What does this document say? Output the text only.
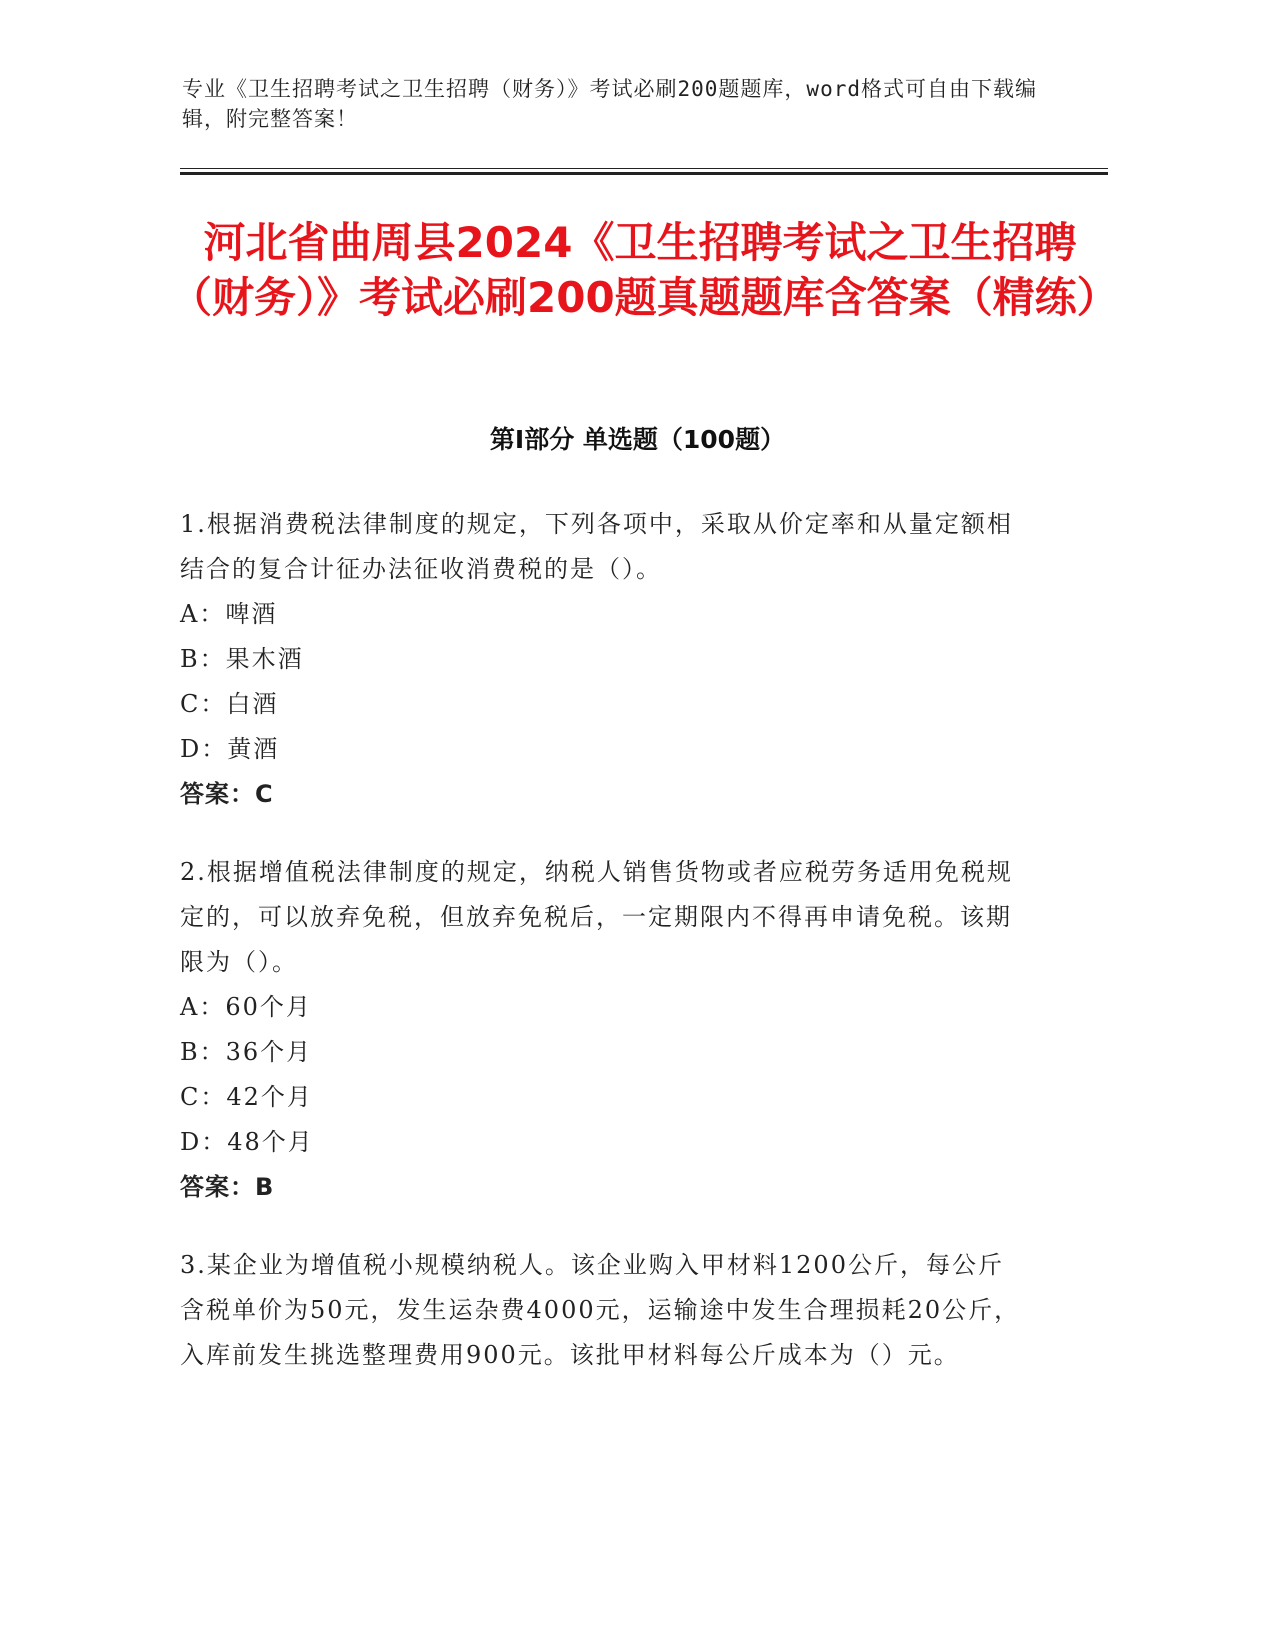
专业《卫生招聘考试之卫生招聘（财务）》考试必刷200题题库，word格式可自由下载编辑，附完整答案！
河北省曲周县2024《卫生招聘考试之卫生招聘（财务）》考试必刷200题真题题库含答案（精练）
第Ⅰ部分 单选题（100题）

1.根据消费税法律制度的规定，下列各项中，采取从价定率和从量定额相结合的复合计征办法征收消费税的是（）。

A：啤酒

B：果木酒

C：白酒

D：黄酒

答案：C

2.根据增值税法律制度的规定，纳税人销售货物或者应税劳务适用免税规定的，可以放弃免税，但放弃免税后，一定期限内不得再申请免税。该期限为（）。

A：60个月

B：36个月

C：42个月

D：48个月

答案：B

3.某企业为增值税小规模纳税人。该企业购入甲材料1200公斤，每公斤含税单价为50元，发生运杂费4000元，运输途中发生合理损耗20公斤，入库前发生挑选整理费用900元。该批甲材料每公斤成本为（）元。
